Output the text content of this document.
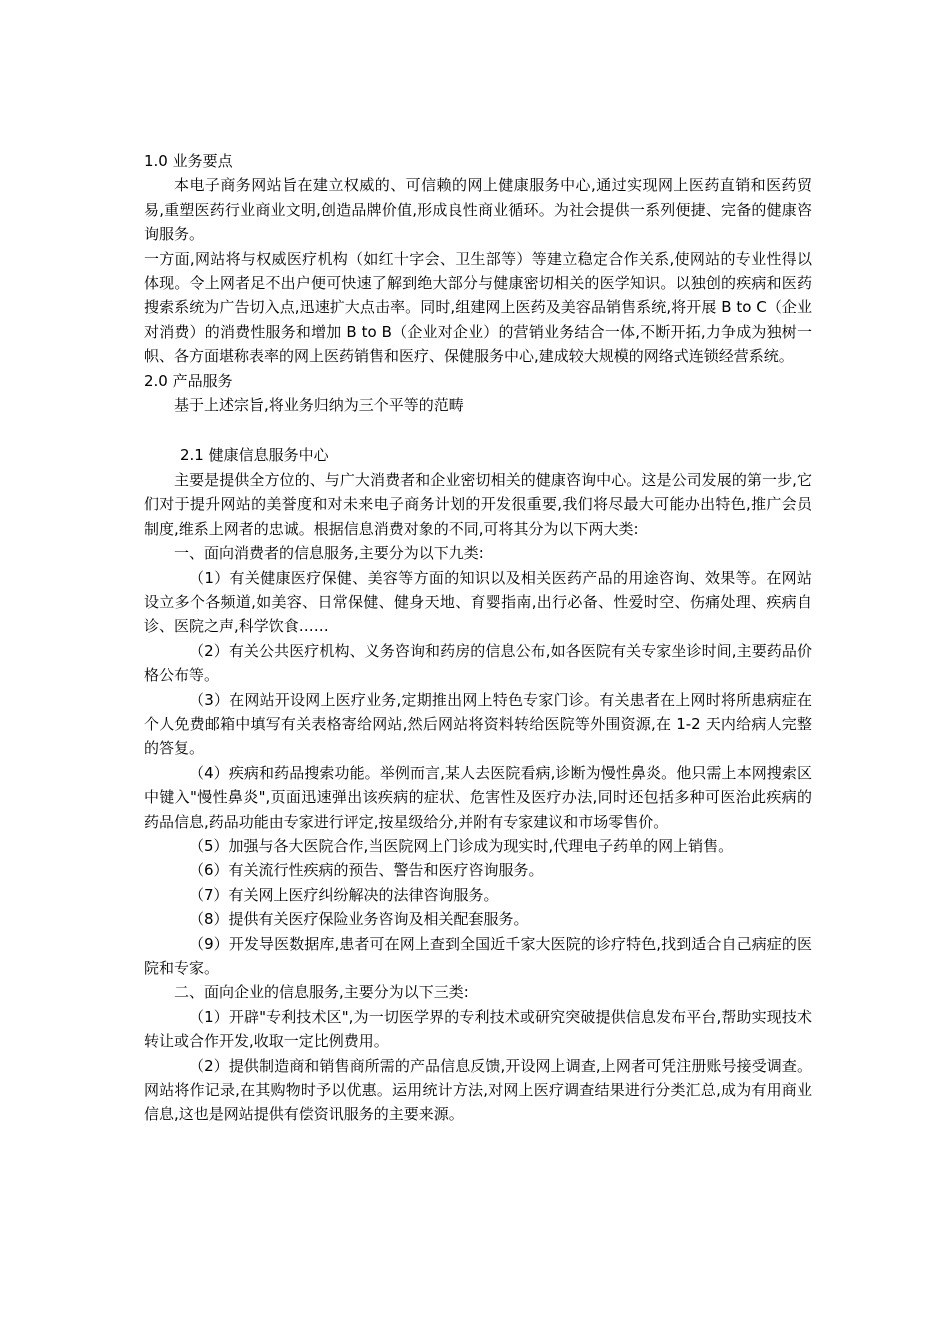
1.0 业务要点

本电子商务网站旨在建立权威的、可信赖的网上健康服务中心,通过实现网上医药直销和医药贸易,重塑医药行业商业文明,创造品牌价值,形成良性商业循环。为社会提供一系列便捷、完备的健康咨询服务。

一方面,网站将与权威医疗机构（如红十字会、卫生部等）等建立稳定合作关系,使网站的专业性得以体现。令上网者足不出户便可快速了解到绝大部分与健康密切相关的医学知识。以独创的疾病和医药搜索系统为广告切入点,迅速扩大点击率。同时,组建网上医药及美容品销售系统,将开展 B to C（企业对消费）的消费性服务和增加 B to B（企业对企业）的营销业务结合一体,不断开拓,力争成为独树一帜、各方面堪称表率的网上医药销售和医疗、保健服务中心,建成较大规模的网络式连锁经营系统。

2.0 产品服务

基于上述宗旨,将业务归纳为三个平等的范畴

2.1 健康信息服务中心

主要是提供全方位的、与广大消费者和企业密切相关的健康咨询中心。这是公司发展的第一步,它们对于提升网站的美誉度和对未来电子商务计划的开发很重要,我们将尽最大可能办出特色,推广会员制度,维系上网者的忠诚。根据信息消费对象的不同,可将其分为以下两大类:

一、面向消费者的信息服务,主要分为以下九类:

（1）有关健康医疗保健、美容等方面的知识以及相关医药产品的用途咨询、效果等。在网站设立多个各频道,如美容、日常保健、健身天地、育婴指南,出行必备、性爱时空、伤痛处理、疾病自诊、医院之声,科学饮食……

（2）有关公共医疗机构、义务咨询和药房的信息公布,如各医院有关专家坐诊时间,主要药品价格公布等。

（3）在网站开设网上医疗业务,定期推出网上特色专家门诊。有关患者在上网时将所患病症在个人免费邮箱中填写有关表格寄给网站,然后网站将资料转给医院等外围资源,在 1-2 天内给病人完整的答复。

（4）疾病和药品搜索功能。举例而言,某人去医院看病,诊断为慢性鼻炎。他只需上本网搜索区中键入"慢性鼻炎",页面迅速弹出该疾病的症状、危害性及医疗办法,同时还包括多种可医治此疾病的药品信息,药品功能由专家进行评定,按星级给分,并附有专家建议和市场零售价。

（5）加强与各大医院合作,当医院网上门诊成为现实时,代理电子药单的网上销售。

（6）有关流行性疾病的预告、警告和医疗咨询服务。

（7）有关网上医疗纠纷解决的法律咨询服务。

（8）提供有关医疗保险业务咨询及相关配套服务。

（9）开发导医数据库,患者可在网上查到全国近千家大医院的诊疗特色,找到适合自己病症的医院和专家。

二、面向企业的信息服务,主要分为以下三类:

（1）开辟"专利技术区",为一切医学界的专利技术或研究突破提供信息发布平台,帮助实现技术转让或合作开发,收取一定比例费用。

（2）提供制造商和销售商所需的产品信息反馈,开设网上调查,上网者可凭注册账号接受调查。网站将作记录,在其购物时予以优惠。运用统计方法,对网上医疗调查结果进行分类汇总,成为有用商业信息,这也是网站提供有偿资讯服务的主要来源。
